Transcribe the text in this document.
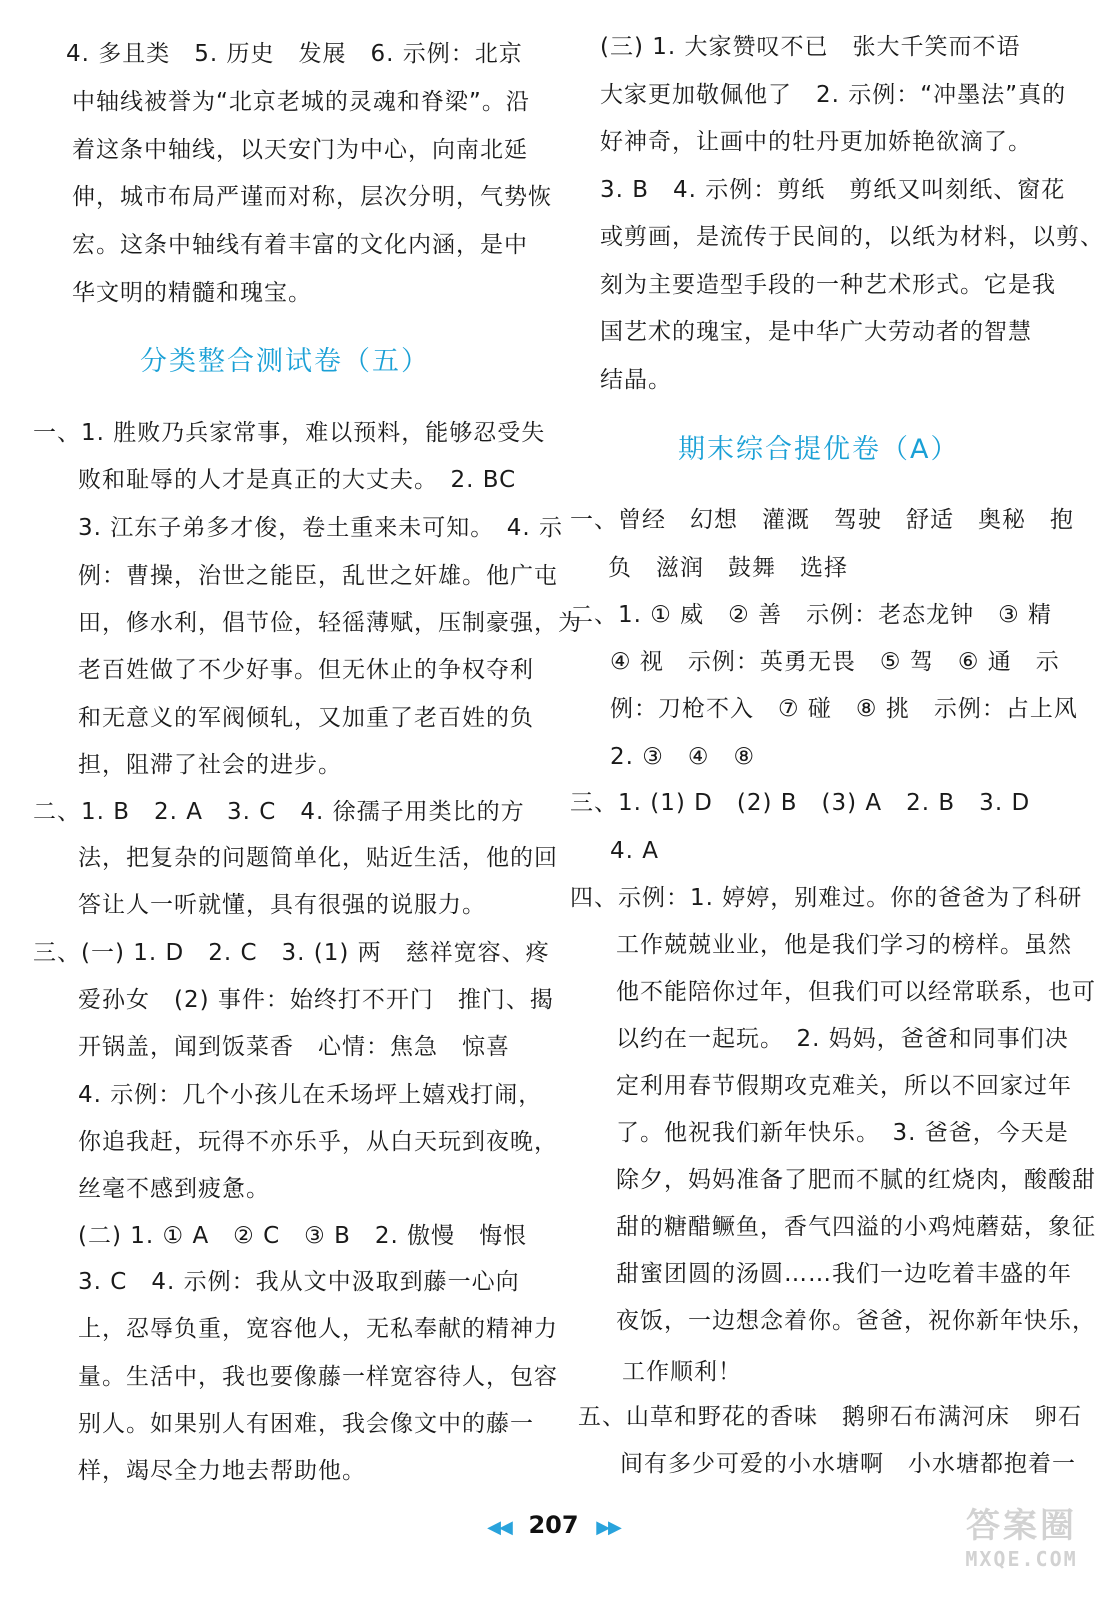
4. 多且类　5. 历史　发展　6. 示例：北京
中轴线被誉为“北京老城的灵魂和脊梁”。沿
着这条中轴线，以天安门为中心，向南北延
伸，城市布局严谨而对称，层次分明，气势恢
宏。这条中轴线有着丰富的文化内涵，是中
华文明的精髓和瑰宝。
分类整合测试卷（五）
一、1. 胜败乃兵家常事，难以预料，能够忍受失
败和耻辱的人才是真正的大丈夫。　2. BC
3. 江东子弟多才俊，卷土重来未可知。　4. 示
例：曹操，治世之能臣，乱世之奸雄。他广屯
田，修水利，倡节俭，轻徭薄赋，压制豪强，为
老百姓做了不少好事。但无休止的争权夺利
和无意义的军阀倾轧，又加重了老百姓的负
担，阻滞了社会的进步。
二、1. B　2. A　3. C　4. 徐孺子用类比的方
法，把复杂的问题简单化，贴近生活，他的回
答让人一听就懂，具有很强的说服力。
三、(一) 1. D　2. C　3. (1) 两　慈祥宽容、疼
爱孙女　(2) 事件：始终打不开门　推门、揭
开锅盖，闻到饭菜香　心情：焦急　惊喜
4. 示例：几个小孩儿在禾场坪上嬉戏打闹，
你追我赶，玩得不亦乐乎，从白天玩到夜晚，
丝毫不感到疲惫。
(二) 1. ① A　② C　③ B　2. 傲慢　悔恨
3. C　4. 示例：我从文中汲取到藤一心向
上，忍辱负重，宽容他人，无私奉献的精神力
量。生活中，我也要像藤一样宽容待人，包容
别人。如果别人有困难，我会像文中的藤一
样，竭尽全力地去帮助他。
(三) 1. 大家赞叹不已　张大千笑而不语
大家更加敬佩他了　2. 示例：“冲墨法”真的
好神奇，让画中的牡丹更加娇艳欲滴了。
3. B　4. 示例：剪纸　剪纸又叫刻纸、窗花
或剪画，是流传于民间的，以纸为材料，以剪、
刻为主要造型手段的一种艺术形式。它是我
国艺术的瑰宝，是中华广大劳动者的智慧
结晶。
期末综合提优卷（A）
一、曾经　幻想　灌溉　驾驶　舒适　奥秘　抱
负　滋润　鼓舞　选择
二、1. ① 威　② 善　示例：老态龙钟　③ 精
④ 视　示例：英勇无畏　⑤ 驾　⑥ 通　示
例：刀枪不入　⑦ 碰　⑧ 挑　示例：占上风
2. ③　④　⑧
三、1. (1) D　(2) B　(3) A　2. B　3. D
4. A
四、示例：1. 婷婷，别难过。你的爸爸为了科研
工作兢兢业业，他是我们学习的榜样。虽然
他不能陪你过年，但我们可以经常联系，也可
以约在一起玩。　2. 妈妈，爸爸和同事们决
定利用春节假期攻克难关，所以不回家过年
了。他祝我们新年快乐。　3. 爸爸，今天是
除夕，妈妈准备了肥而不腻的红烧肉，酸酸甜
甜的糖醋鳜鱼，香气四溢的小鸡炖蘑菇，象征
甜蜜团圆的汤圆……我们一边吃着丰盛的年
夜饭，一边想念着你。爸爸，祝你新年快乐，
工作顺利！
五、山草和野花的香味　鹅卵石布满河床　卵石
间有多少可爱的小水塘啊　小水塘都抱着一
◀◀ 207 ▶▶	答案圈
MXQE.COM
